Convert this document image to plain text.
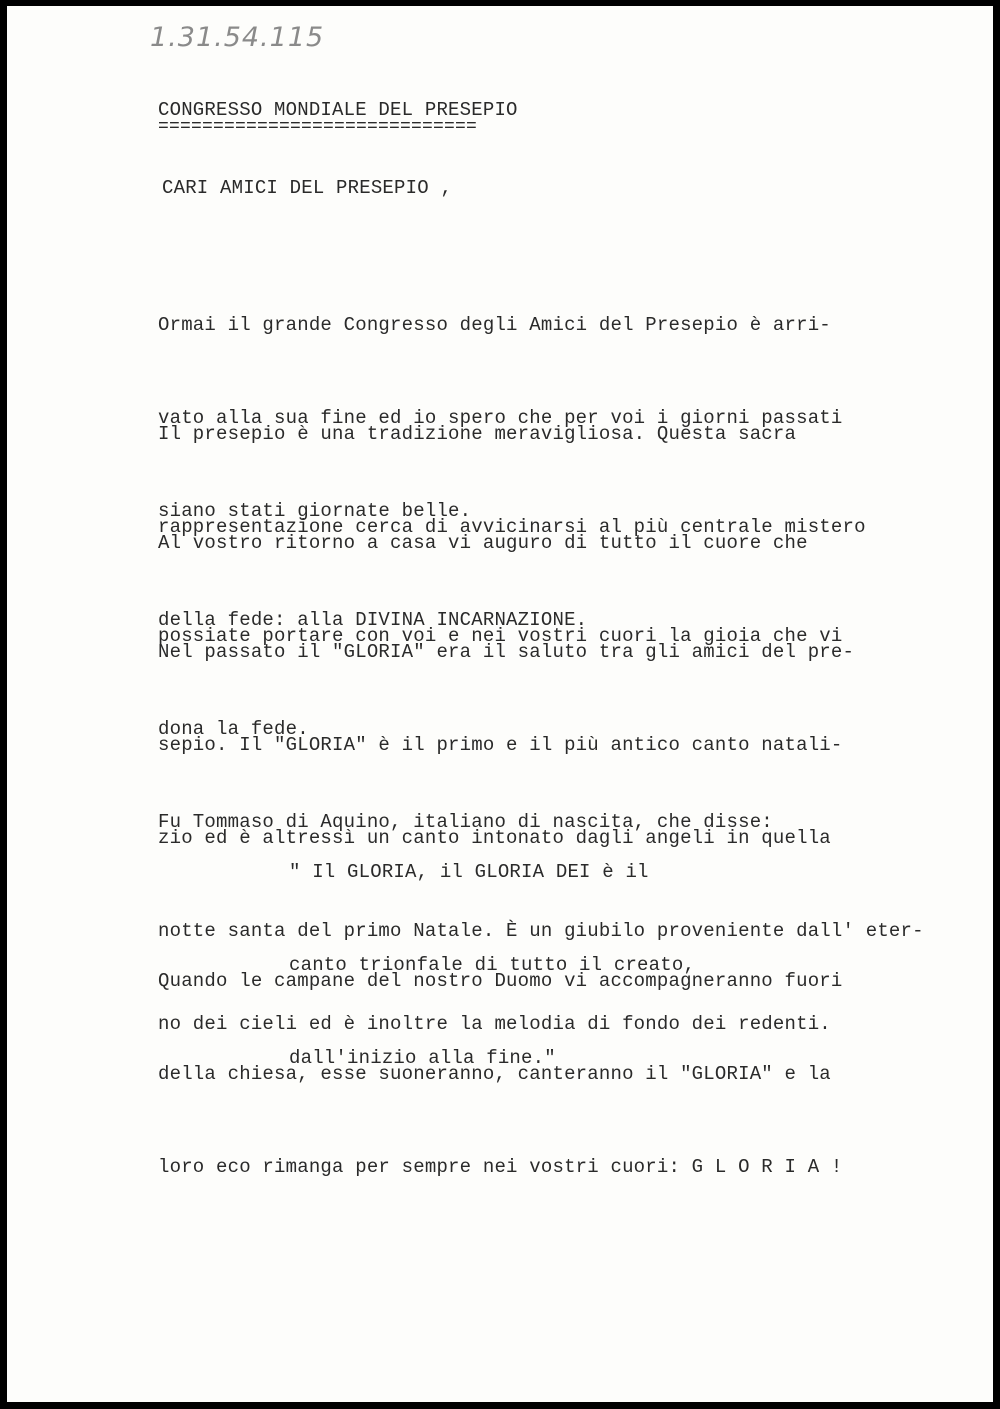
1.31.54.115
CONGRESSO MONDIALE DEL PRESEPIO
=============================
CARI AMICI DEL PRESEPIO ,

Ormai il grande Congresso degli Amici del Presepio è arri-

vato alla sua fine ed io spero che per voi i giorni passati

siano stati giornate belle.

Il presepio è una tradizione meravigliosa. Questa sacra

rappresentazione cerca di avvicinarsi al più centrale mistero

della fede: alla DIVINA INCARNAZIONE.

Al vostro ritorno a casa vi auguro di tutto il cuore che

possiate portare con voi e nei vostri cuori la gioia che vi

dona la fede.

Nel passato il "GLORIA" era il saluto tra gli amici del pre-

sepio. Il "GLORIA" è il primo e il più antico canto natali-

zio ed è altressì un canto intonato dagli angeli in quella

notte santa del primo Natale. È un giubilo proveniente dall' eter-

no dei cieli ed è inoltre la melodia di fondo dei redenti.

Fu Tommaso di Aquino, italiano di nascita, che disse:

" Il GLORIA, il GLORIA DEI è il

canto trionfale di tutto il creato,

dall'inizio alla fine."

Quando le campane del nostro Duomo vi accompagneranno fuori

della chiesa, esse suoneranno, canteranno il "GLORIA" e la

loro eco rimanga per sempre nei vostri cuori: G L O R I A !
